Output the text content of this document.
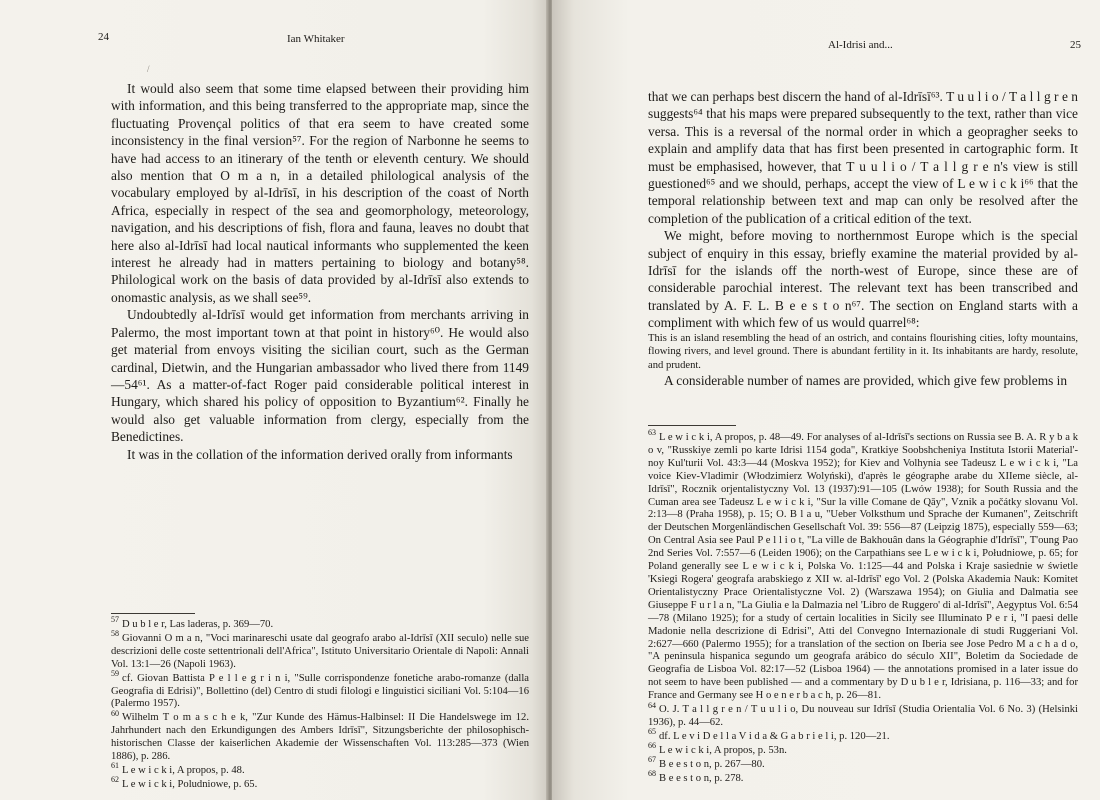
24	Ian Whitaker
/

It would also seem that some time elapsed between their providing him with information, and this being transferred to the appropriate map, since the fluctuating Provençal politics of that era seem to have created some inconsistency in the final version⁵⁷. For the region of Narbonne he seems to have had access to an itinerary of the tenth or eleventh century. We should also mention that O m a n, in a detailed philological analysis of the vocabulary employed by al-Idrīsī, in his description of the coast of North Africa, especially in respect of the sea and geomorphology, meteorology, navigation, and his descriptions of fish, flora and fauna, leaves no doubt that here also al-Idrīsī had local nautical informants who supplemented the keen interest he already had in matters pertaining to biology and botany⁵⁸. Philological work on the basis of data provided by al-Idrīsī also extends to onomastic analysis, as we shall see⁵⁹.

Undoubtedly al-Idrīsī would get information from merchants arriving in Palermo, the most important town at that point in history⁶⁰. He would also get material from envoys visiting the sicilian court, such as the German cardinal, Dietwin, and the Hungarian ambassador who lived there from 1149—54⁶¹. As a matter-of-fact Roger paid considerable political interest in Hungary, which shared his policy of opposition to Byzantium⁶². Finally he would also get valuable information from clergy, especially from the Benedictines.

It was in the collation of the information derived orally from informants

$^{57}$ D u b l e r, Las laderas, p. 369—70.

$^{58}$ Giovanni O m a n, "Voci marinareschi usate dal geografo arabo al-Idrīsī (XII seculo) nelle sue descrizioni delle coste settentrionali dell'Africa", Istituto Universitario Orientale di Napoli: Annali Vol. 13:1—26 (Napoli 1963).

$^{59}$ cf. Giovan Battista P e l l e g r i n i, "Sulle corrispondenze fonetiche arabo-romanze (dalla Geografia di Edrisi)", Bollettino (del) Centro di studi filologi e linguistici siciliani Vol. 5:104—16 (Palermo 1957).

$^{60}$ Wilhelm T o m a s c h e k, "Zur Kunde des Hämus-Halbinsel: II Die Handelswege im 12. Jahrhundert nach den Erkundigungen des Ambers Idrīsī", Sitzungsberichte der philosophisch-historischen Classe der kaiserlichen Akademie der Wissenschaften Vol. 113:285—373 (Wien 1886), p. 286.

$^{61}$ L e w i c k i, A propos, p. 48.

$^{62}$ L e w i c k i, Poludniowe, p. 65.

Al-Idrisi and...	25

that we can perhaps best discern the hand of al-Idrīsī⁶³. T u u l i o / T a l l g r e n suggests⁶⁴ that his maps were prepared subsequently to the text, rather than vice versa. This is a reversal of the normal order in which a geopragher seeks to explain and amplify data that has first been presented in cartographic form. It must be emphasised, however, that T u u l i o / T a l l g r e n's view is still guestioned⁶⁵ and we should, perhaps, accept the view of L e w i c k i⁶⁶ that the temporal relationship between text and map can only be resolved after the completion of the publication of a critical edition of the text.

We might, before moving to northernmost Europe which is the special subject of enquiry in this essay, briefly examine the material provided by al-Idrīsī for the islands off the north-west of Europe, since these are of considerable parochial interest. The relevant text has been transcribed and translated by A. F. L. B e e s t o n⁶⁷. The section on England starts with a compliment with which few of us would quarrel⁶⁸:

This is an island resembling the head of an ostrich, and contains flourishing cities, lofty mountains, flowing rivers, and level ground. There is abundant fertility in it. Its inhabitants are hardy, resolute, and prudent.

A considerable number of names are provided, which give few problems in

$^{63}$ L e w i c k i, A propos, p. 48—49. For analyses of al-Idrīsī's sections on Russia see B. A. R y b a k o v, "Russkiye zemli po karte Idrisi 1154 goda", Kratkiye Soobshcheniya Instituta Istorii Material'-noy Kul'turii Vol. 43:3—44 (Moskva 1952); for Kiev and Volhynia see Tadeusz L e w i c k i, "La voice Kiev-Vladimir (Włodzimierz Wolyński), d'après le géographe arabe du XIIeme siècle, al-Idrīsī", Rocznik orjentalistyczny Vol. 13 (1937):91—105 (Lwów 1938); for South Russia and the Cuman area see Tadeusz L e w i c k i, "Sur la ville Comane de Qāy", Vznik a počátky slovanu Vol. 2:13—8 (Praha 1958), p. 15; O. B l a u, "Ueber Volksthum und Sprache der Kumanen", Zeitschrift der Deutschen Morgenländischen Gesellschaft Vol. 39: 556—87 (Leipzig 1875), especially 559—63; On Central Asia see Paul P e l l i o t, "La ville de Bakhouân dans la Géographie d'Idrīsī", T'oung Pao 2nd Series Vol. 7:557—6 (Leiden 1906); on the Carpathians see L e w i c k i, Południowe, p. 65; for Poland generally see L e w i c k i, Polska Vo. 1:125—44 and Polska i Kraje sasiednie w świetle 'Ksiegi Rogera' geografa arabskiego z XII w. al-Idrīsī' ego Vol. 2 (Polska Akademia Nauk: Komitet Orientalistyczny Prace Orientalistyczne Vol. 2) (Warszawa 1954); on Giulia and Dalmatia see Giuseppe F u r l a n, "La Giulia e la Dalmazia nel 'Libro de Ruggero' di al-Idrīsī", Aegyptus Vol. 6:54—78 (Milano 1925); for a study of certain localities in Sicily see Illuminato P e r i, "I paesi delle Madonie nella descrizione di Edrisi", Atti del Convegno Internazionale di studi Ruggeriani Vol. 2:627—660 (Palermo 1955); for a translation of the section on Iberia see Jose Pedro M a c h a d o, "A peninsula hispanica segundo um geografa arábico do século XII", Boletim da Sociedade de Geografia de Lisboa Vol. 82:17—52 (Lisboa 1964) — the annotations promised in a later issue do not seem to have been published — and a commentary by D u b l e r, Idrisiana, p. 116—33; and for France and Germany see H o e n e r b a c h, p. 26—81.

$^{64}$ O. J. T a l l g r e n / T u u l i o, Du nouveau sur Idrīsī (Studia Orientalia Vol. 6 No. 3) (Helsinki 1936), p. 44—62.

$^{65}$ df. L e v i D e l l a V i d a & G a b r i e l i, p. 120—21.

$^{66}$ L e w i c k i, A propos, p. 53n.

$^{67}$ B e e s t o n, p. 267—80.

$^{68}$ B e e s t o n, p. 278.
